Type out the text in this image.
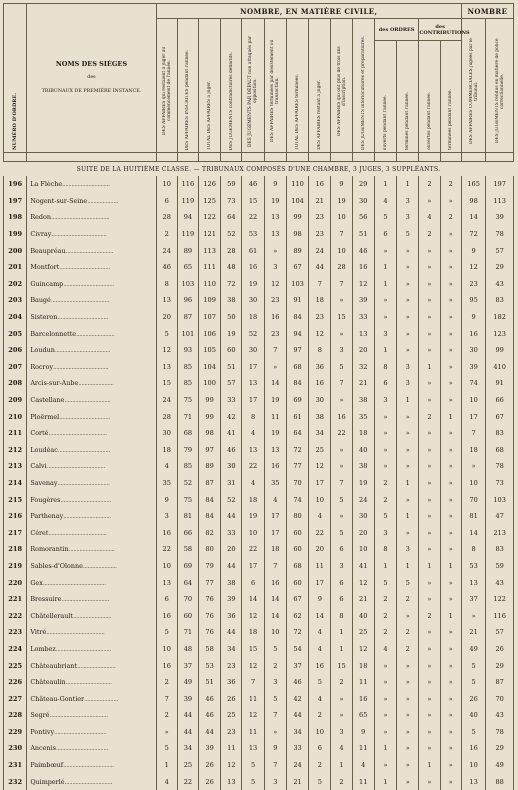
NUMÉRO D'ORDRE.	NOMS DES SIÉGES
des
TRIBUNAUX DE PREMIÈRE INSTANCE.	NOMBRE, EN MATIÈRE CIVILE,														NOMBRE	

		DES AFFAIRES qui restaient à juger au commencement de l'année.	DES AFFAIRES INSCRITES pendant l'année.	TOTAL DES AFFAIRES à juger.	DES JUGEMENTS contradictoires définitifs.	DES JUGEMENTS PAR DÉFAUT non attaqués par opposition.	DES AFFAIRES terminées par désistement ou transaction.	TOTAL DES AFFAIRES terminées.	DES AFFAIRES restant à juger.	DES AFFAIRES qui ont plus de trois ans d'inscription.	DES JUGEMENTS interlocutoires et préparatoires.	des ORDRES		des CONTRIBUTIONS		DES AFFAIRES COMMERCIALES jugées par le tribunal.	DES JUGEMENTS rendus en matière de police correctionnelle.

												ouverts pendant l'année.	terminés pendant l'année.	ouvertes pendant l'année.	terminées pendant l'année.		

SUITE DE LA HUITIÈME CLASSE. — TRIBUNAUX COMPOSÉS D'UNE CHAMBRE, 3 JUGES, 3 SUPPLÉANTS.																	
196	La Flèche...............................	10	116	126	59	46	9	110	16	9	29	1	1	2	2	165	197
197	Nogent-sur-Seine....................	6	119	125	73	15	19	104	21	19	30	4	3	»	»	98	113
198	Redon......................................	28	94	122	64	22	13	99	23	10	56	5	3	4	2	14	39
199	Civray....................................	2	119	121	52	53	13	98	23	7	51	6	5	2	»	72	78
200	Beaupréau...............................	24	89	113	28	61	»	89	24	10	46	»	»	»	»	9	57
201	Montfort.................................	46	65	111	48	16	3	67	44	28	16	1	»	»	»	12	29
202	Guincamp.................................	8	103	110	72	19	12	103	7	7	12	1	»	»	»	23	43
203	Baugé......................................	13	96	109	38	30	23	91	18	»	39	»	»	»	»	95	83
204	Sisteron.................................	20	87	107	50	18	16	84	23	15	33	»	»	»	»	9	182
205	Barcelonnette.........................	5	101	106	19	52	23	94	12	»	13	3	»	»	»	16	123
206	Loudun....................................	12	93	105	60	30	7	97	8	3	20	1	»	»	»	30	99
207	Rocroy....................................	13	85	104	51	17	»	68	36	5	32	8	3	1	»	39	410
208	Arcis-sur-Aube.......................	15	85	100	57	13	14	84	16	7	21	6	3	»	»	74	91
209	Castellane..............................	24	75	99	33	17	19	69	30	»	38	3	1	»	»	10	66
210	Ploërmel.................................	28	71	99	42	8	11	61	38	16	35	»	»	2	1	17	67
211	Corté......................................	30	68	98	41	4	19	64	34	22	18	»	»	»	»	7	83
212	Loudéac..................................	18	79	97	46	13	13	72	25	»	40	»	»	»	»	18	68
213	Calvi......................................	4	85	89	30	22	16	77	12	»	38	»	»	»	»	»	78
214	Savenay..................................	35	52	87	31	4	35	70	17	7	19	2	1	»	»	10	73
215	Fougères.................................	9	75	84	52	18	4	74	10	5	24	2	»	»	»	70	103
216	Parthenay...............................	3	81	84	44	19	17	80	4	»	30	5	1	»	»	81	47
217	Céret......................................	16	66	82	33	10	17	60	22	5	20	3	»	»	»	14	213
218	Romorantin..............................	22	58	80	20	22	18	60	20	6	10	8	3	»	»	8	83
219	Sables-d'Olonne......................	10	69	79	44	17	7	68	11	3	41	1	1	1	1	53	59
220	Gex.........................................	13	64	77	38	6	16	60	17	6	12	5	5	»	»	13	43
221	Bressuire...............................	6	70	76	39	14	14	67	9	6	21	2	2	»	»	37	122
222	Châtellerault.........................	16	60	76	36	12	14	62	14	8	40	2	»	2	1	»	116
223	Vitré......................................	5	71	76	44	18	10	72	4	1	25	2	2	»	»	21	57
224	Lombez....................................	10	48	58	34	15	5	54	4	1	12	4	2	»	»	49	26
225	Châteaubriant.........................	16	37	53	23	12	2	37	16	15	18	»	»	»	»	5	29
226	Châteaulin..............................	2	49	51	36	7	3	46	5	2	11	»	»	»	»	5	87
227	Château-Gontier......................	7	39	46	26	11	5	42	4	»	16	»	»	»	»	26	70
228	Segré......................................	2	44	46	25	12	7	44	2	»	65	»	»	»	»	40	43
229	Pontivy..................................	»	44	44	23	11	»	34	10	3	9	»	»	»	»	5	78
230	Ancenis..................................	5	34	39	11	13	9	33	6	4	11	1	»	»	»	16	29
231	Paimbœuf.................................	1	25	26	12	5	7	24	2	1	4	»	»	1	»	10	49
232	Quimperlé...............................	4	22	26	13	5	3	21	5	2	11	1	»	»	»	13	88
